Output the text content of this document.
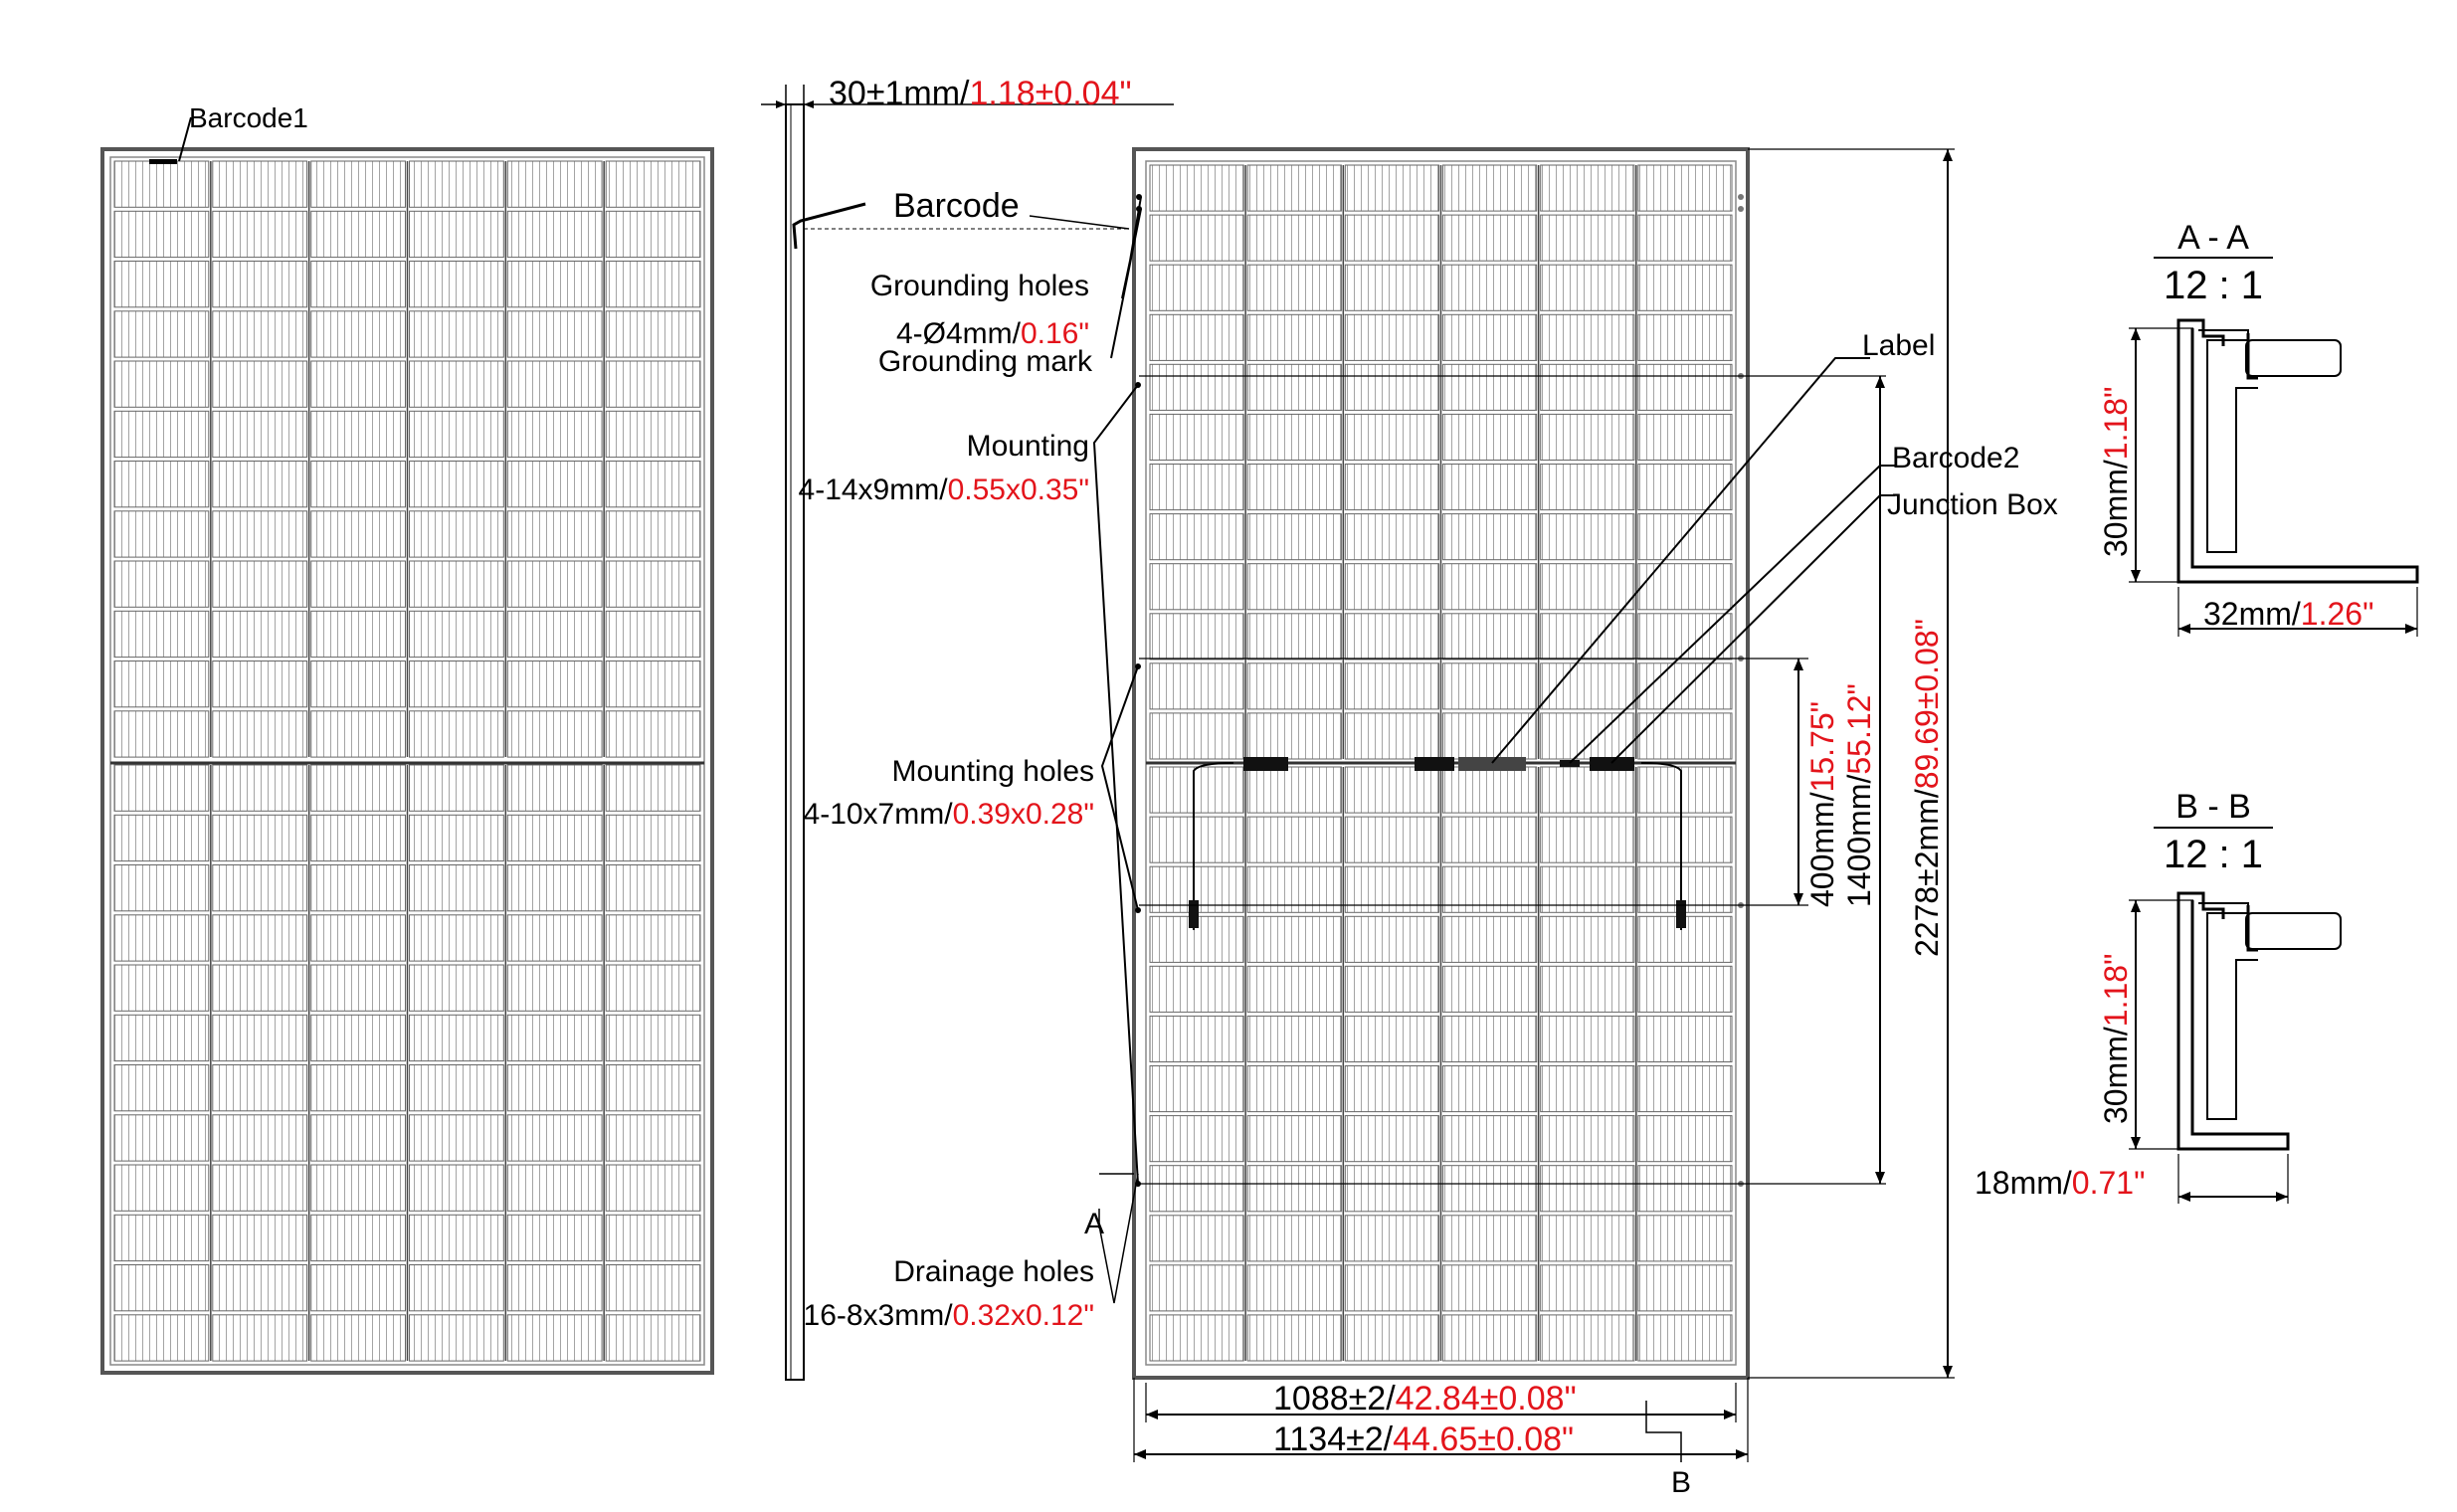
Barcode1
30±1mm/1.18±0.04"
Barcode
Grounding holes
4-Ø4mm/0.16"
Grounding mark
Mounting
4-14x9mm/0.55x0.35"
Mounting holes
4-10x7mm/0.39x0.28"
A
Drainage holes
16-8x3mm/0.32x0.12"
Label
Barcode2
Junction Box
B
400mm/15.75"
1400mm/55.12"
2278±2mm/89.69±0.08"
1088±2/42.84±0.08"
1134±2/44.65±0.08"
A - A
12 : 1
30mm/1.18"
32mm/1.26"
B - B
12 : 1
30mm/1.18"
18mm/0.71"
